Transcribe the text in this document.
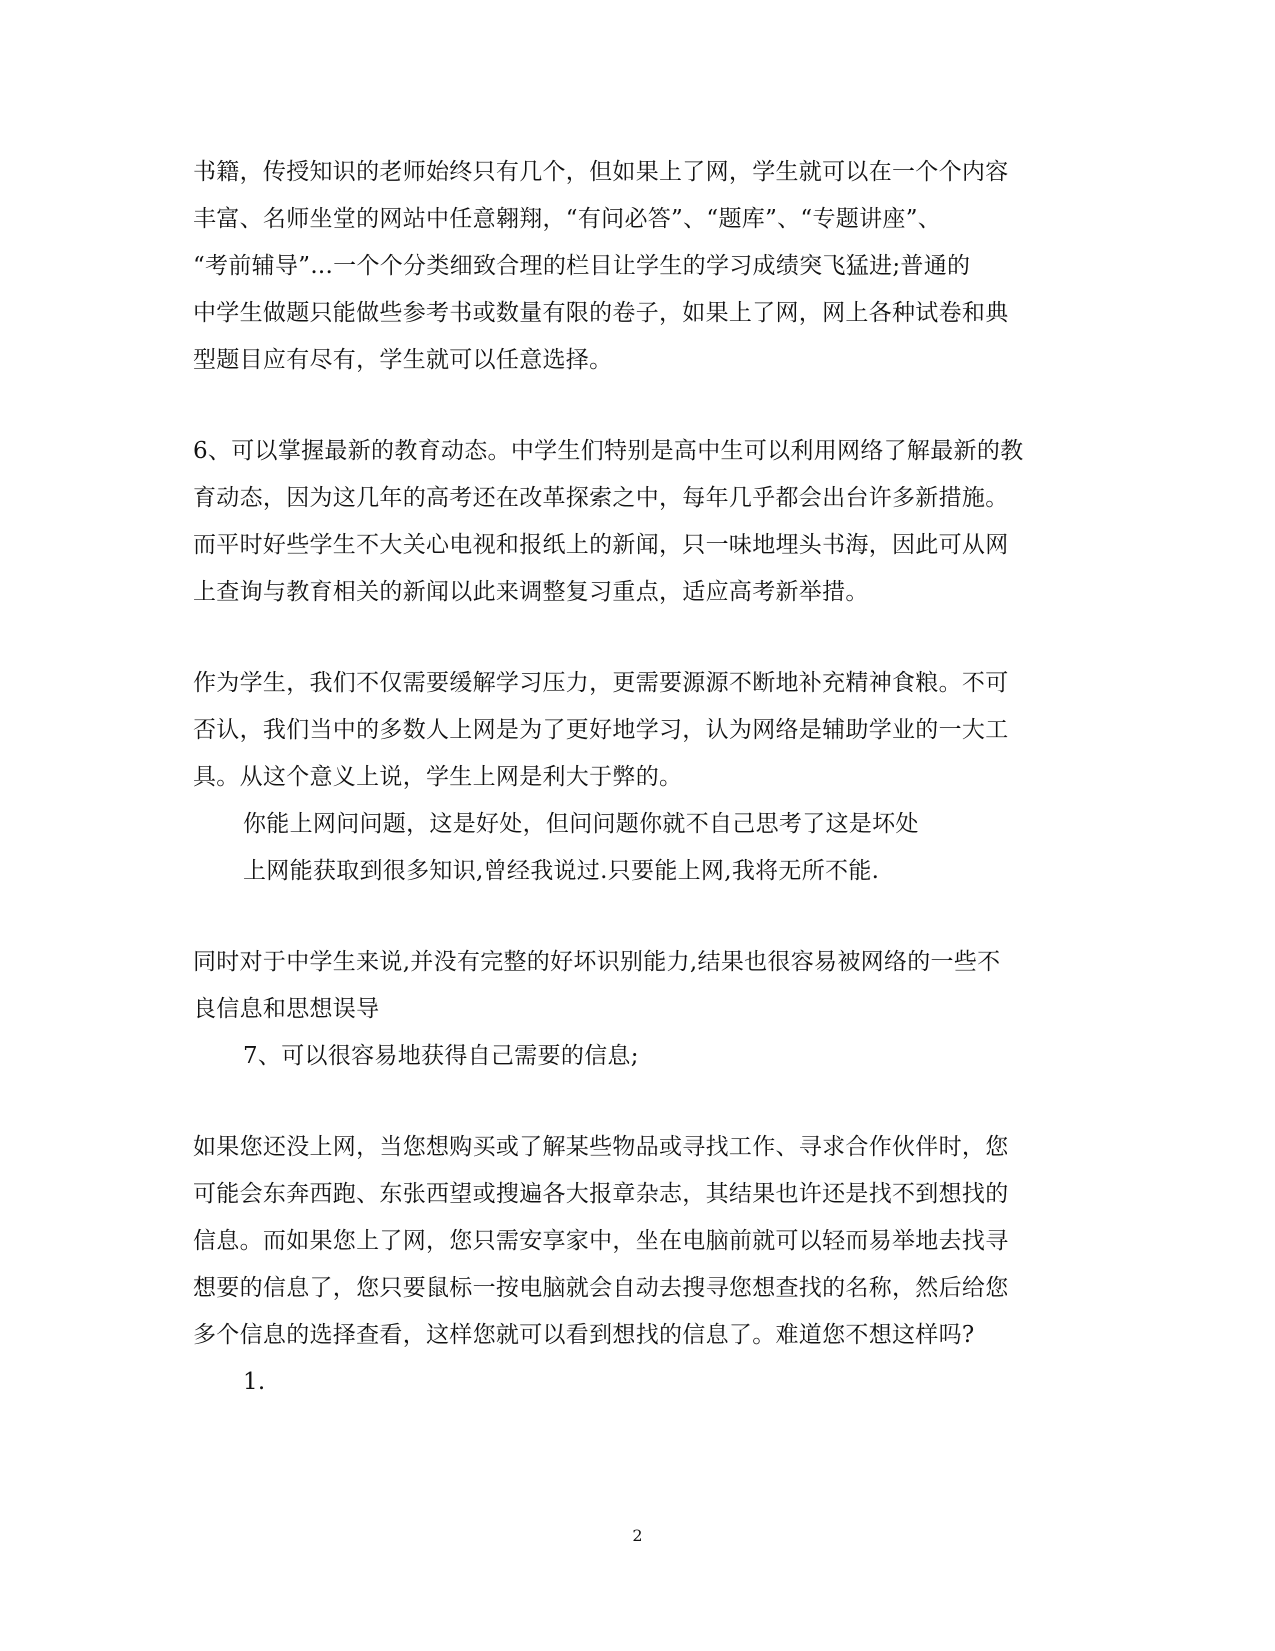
书籍，传授知识的老师始终只有几个，但如果上了网，学生就可以在一个个内容
丰富、名师坐堂的网站中任意翱翔，“有问必答”、“题库”、“专题讲座”、
“考前辅导”...一个个分类细致合理的栏目让学生的学习成绩突飞猛进;普通的
中学生做题只能做些参考书或数量有限的卷子，如果上了网，网上各种试卷和典
型题目应有尽有，学生就可以任意选择。
6、可以掌握最新的教育动态。中学生们特别是高中生可以利用网络了解最新的教
育动态，因为这几年的高考还在改革探索之中，每年几乎都会出台许多新措施。
而平时好些学生不大关心电视和报纸上的新闻，只一味地埋头书海，因此可从网
上查询与教育相关的新闻以此来调整复习重点，适应高考新举措。
作为学生，我们不仅需要缓解学习压力，更需要源源不断地补充精神食粮。不可
否认，我们当中的多数人上网是为了更好地学习，认为网络是辅助学业的一大工
具。从这个意义上说，学生上网是利大于弊的。
你能上网问问题，这是好处，但问问题你就不自己思考了这是坏处
上网能获取到很多知识,曾经我说过.只要能上网,我将无所不能.
同时对于中学生来说,并没有完整的好坏识别能力,结果也很容易被网络的一些不
良信息和思想误导
7、可以很容易地获得自己需要的信息;
如果您还没上网，当您想购买或了解某些物品或寻找工作、寻求合作伙伴时，您
可能会东奔西跑、东张西望或搜遍各大报章杂志，其结果也许还是找不到想找的
信息。而如果您上了网，您只需安享家中，坐在电脑前就可以轻而易举地去找寻
想要的信息了，您只要鼠标一按电脑就会自动去搜寻您想查找的名称，然后给您
多个信息的选择查看，这样您就可以看到想找的信息了。难道您不想这样吗?
1.
2
